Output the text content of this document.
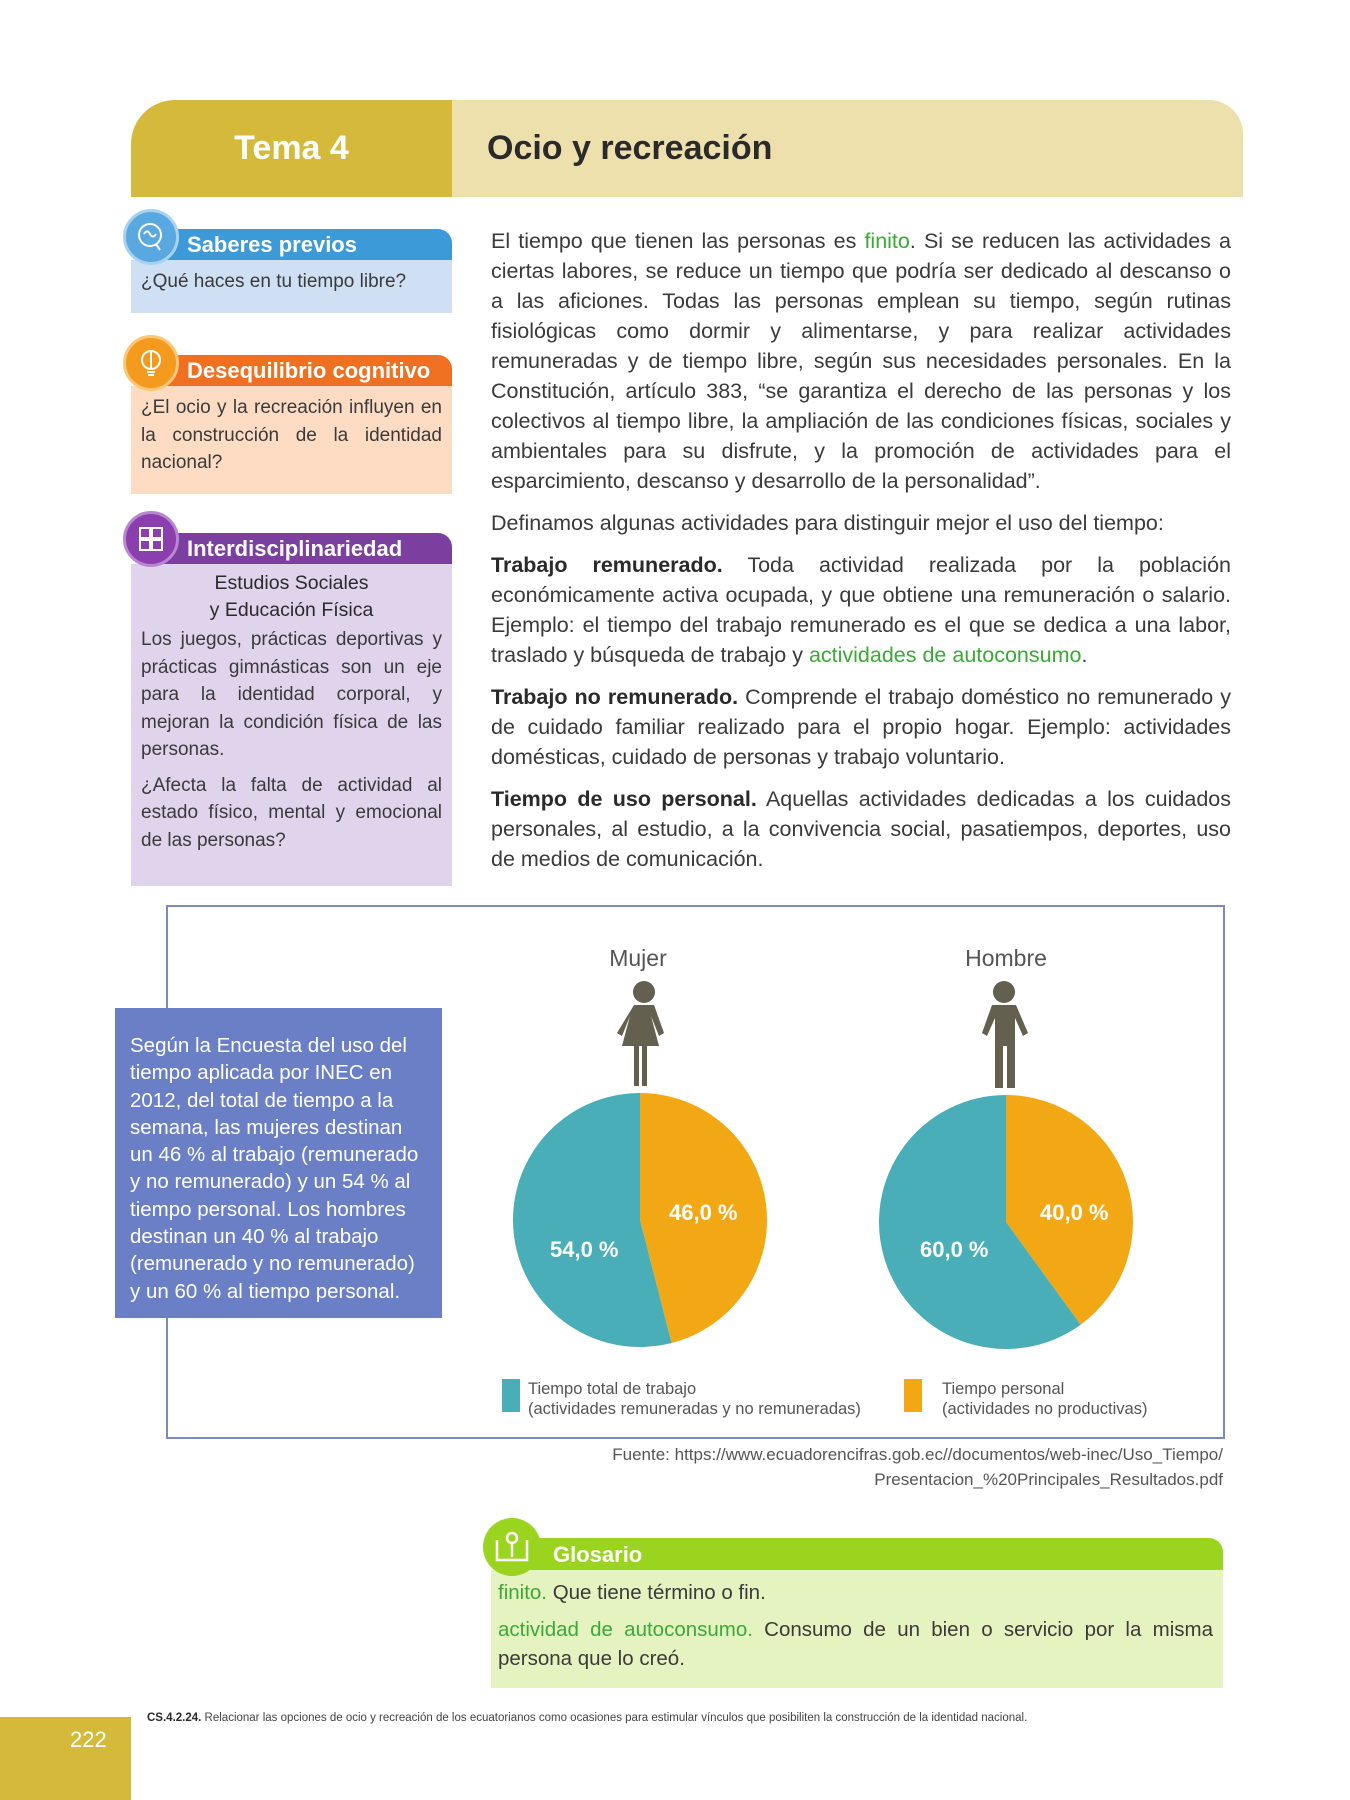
Tema 4	Ocio y recreación
Saberes previos
¿Qué haces en tu tiempo libre?
Desequilibrio cognitivo
¿El ocio y la recreación influyen en la construcción de la identidad nacional?
Interdisciplinariedad
Estudios Sociales
y Educación Física

Los juegos, prácticas deportivas y prácticas gimnásticas son un eje para la identidad corporal, y mejoran la condición física de las personas.

¿Afecta la falta de actividad al estado físico, mental y emocional de las personas?

El tiempo que tienen las personas es finito. Si se reducen las actividades a ciertas labores, se reduce un tiempo que podría ser dedicado al descanso o a las aficiones. Todas las personas emplean su tiempo, según rutinas fisiológicas como dormir y alimentarse, y para realizar actividades remuneradas y de tiempo libre, según sus necesidades personales. En la Constitución, artículo 383, “se garantiza el derecho de las personas y los colectivos al tiempo libre, la ampliación de las condiciones físicas, sociales y ambientales para su disfrute, y la promoción de actividades para el esparcimiento, descanso y desarrollo de la personalidad”.

Definamos algunas actividades para distinguir mejor el uso del tiempo:

Trabajo remunerado. Toda actividad realizada por la población económicamente activa ocupada, y que obtiene una remuneración o salario. Ejemplo: el tiempo del trabajo remunerado es el que se dedica a una labor, traslado y búsqueda de trabajo y actividades de autoconsumo.

Trabajo no remunerado. Comprende el trabajo doméstico no remunerado y de cuidado familiar realizado para el propio hogar. Ejemplo: actividades domésticas, cuidado de personas y trabajo voluntario.

Tiempo de uso personal. Aquellas actividades dedicadas a los cuidados personales, al estudio, a la convivencia social, pasatiempos, deportes, uso de medios de comunicación.

Según la Encuesta del uso del tiempo aplicada por INEC en 2012, del total de tiempo a la semana, las mujeres destinan un 46 % al trabajo (remunerado y no remunerado) y un 54 % al tiempo personal. Los hombres destinan un 40 % al trabajo (remunerado y no remunerado) y un 60 % al tiempo personal.
Mujer	Hombre
46,0 %
54,0 %
40,0 %
60,0 %
Tiempo total de trabajo
(actividades remuneradas y no remuneradas)
Tiempo personal
(actividades no productivas)
Fuente: https://www.ecuadorencifras.gob.ec//documentos/web-inec/Uso_Tiempo/
Presentacion_%20Principales_Resultados.pdf
Glosario

finito. Que tiene término o fin.

actividad de autoconsumo. Consumo de un bien o servicio por la misma persona que lo creó.

222
CS.4.2.24. Relacionar las opciones de ocio y recreación de los ecuatorianos como ocasiones para estimular vínculos que posibiliten la construcción de la identidad nacional.
